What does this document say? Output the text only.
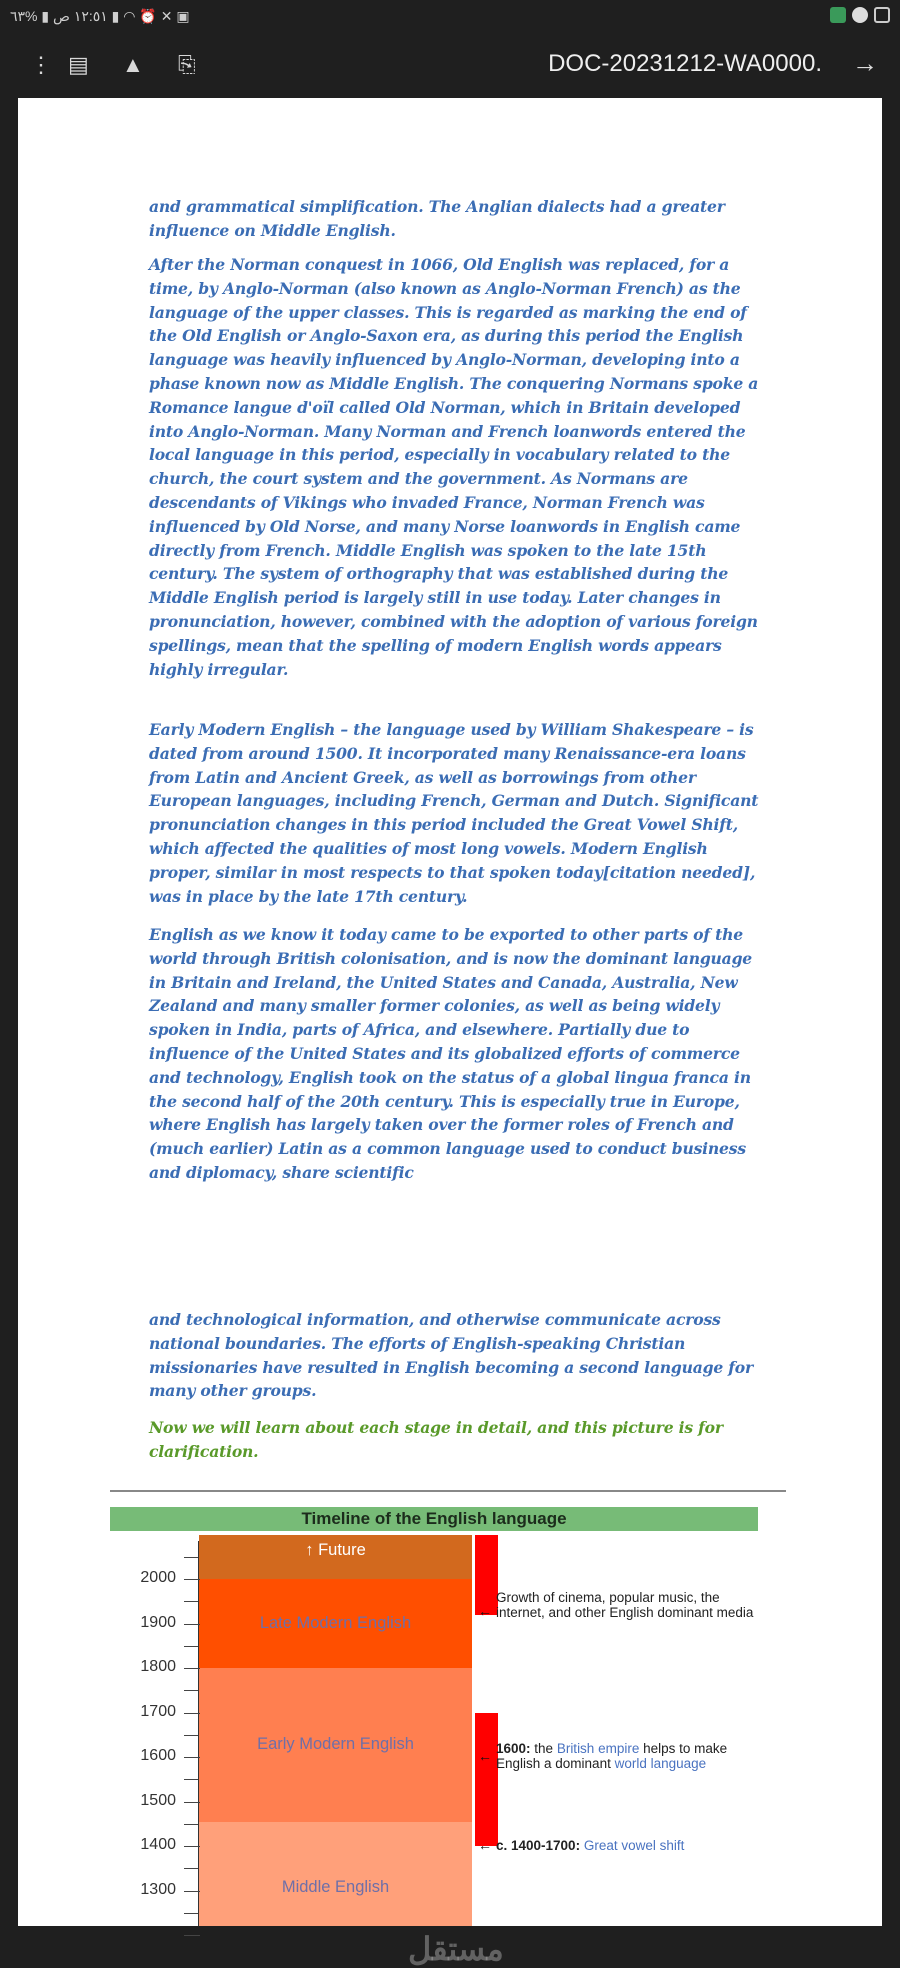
١٢:٥١ ص ▮ %٦٣	▮ ◠ ⏰ ✕ ▣
⋮ ▤ ▲ ⎘	DOC-20231212-WA0000. →

and grammatical simplification. The Anglian dialects had a greater influence on Middle English.

After the Norman conquest in 1066, Old English was replaced, for a time, by Anglo-Norman (also known as Anglo-Norman French) as the language of the upper classes. This is regarded as marking the end of the Old English or Anglo-Saxon era, as during this period the English language was heavily influenced by Anglo-Norman, developing into a phase known now as Middle English. The conquering Normans spoke a Romance langue d'oïl called Old Norman, which in Britain developed into Anglo-Norman. Many Norman and French loanwords entered the local language in this period, especially in vocabulary related to the church, the court system and the government. As Normans are descendants of Vikings who invaded France, Norman French was influenced by Old Norse, and many Norse loanwords in English came directly from French. Middle English was spoken to the late 15th century. The system of orthography that was established during the Middle English period is largely still in use today. Later changes in pronunciation, however, combined with the adoption of various foreign spellings, mean that the spelling of modern English words appears highly irregular.

Early Modern English – the language used by William Shakespeare – is dated from around 1500. It incorporated many Renaissance-era loans from Latin and Ancient Greek, as well as borrowings from other European languages, including French, German and Dutch. Significant pronunciation changes in this period included the Great Vowel Shift, which affected the qualities of most long vowels. Modern English proper, similar in most respects to that spoken today[citation needed], was in place by the late 17th century.

English as we know it today came to be exported to other parts of the world through British colonisation, and is now the dominant language in Britain and Ireland, the United States and Canada, Australia, New Zealand and many smaller former colonies, as well as being widely spoken in India, parts of Africa, and elsewhere. Partially due to influence of the United States and its globalized efforts of commerce and technology, English took on the status of a global lingua franca in the second half of the 20th century. This is especially true in Europe, where English has largely taken over the former roles of French and (much earlier) Latin as a common language used to conduct business and diplomacy, share scientific

and technological information, and otherwise communicate across national boundaries. The efforts of English-speaking Christian missionaries have resulted in English becoming a second language for many other groups.

Now we will learn about each stage in detail, and this picture is for clarification.

Timeline of the English language
↑ Future
Late Modern English
Early Modern English
Middle English
2000
1900
1800
1700
1600
1500
1400
1300
←
Growth of cinema, popular music, the internet, and other English dominant media
← 1600: the British empire helps to make English a dominant world language
← c. 1400-1700: Great vowel shift
مستقل
